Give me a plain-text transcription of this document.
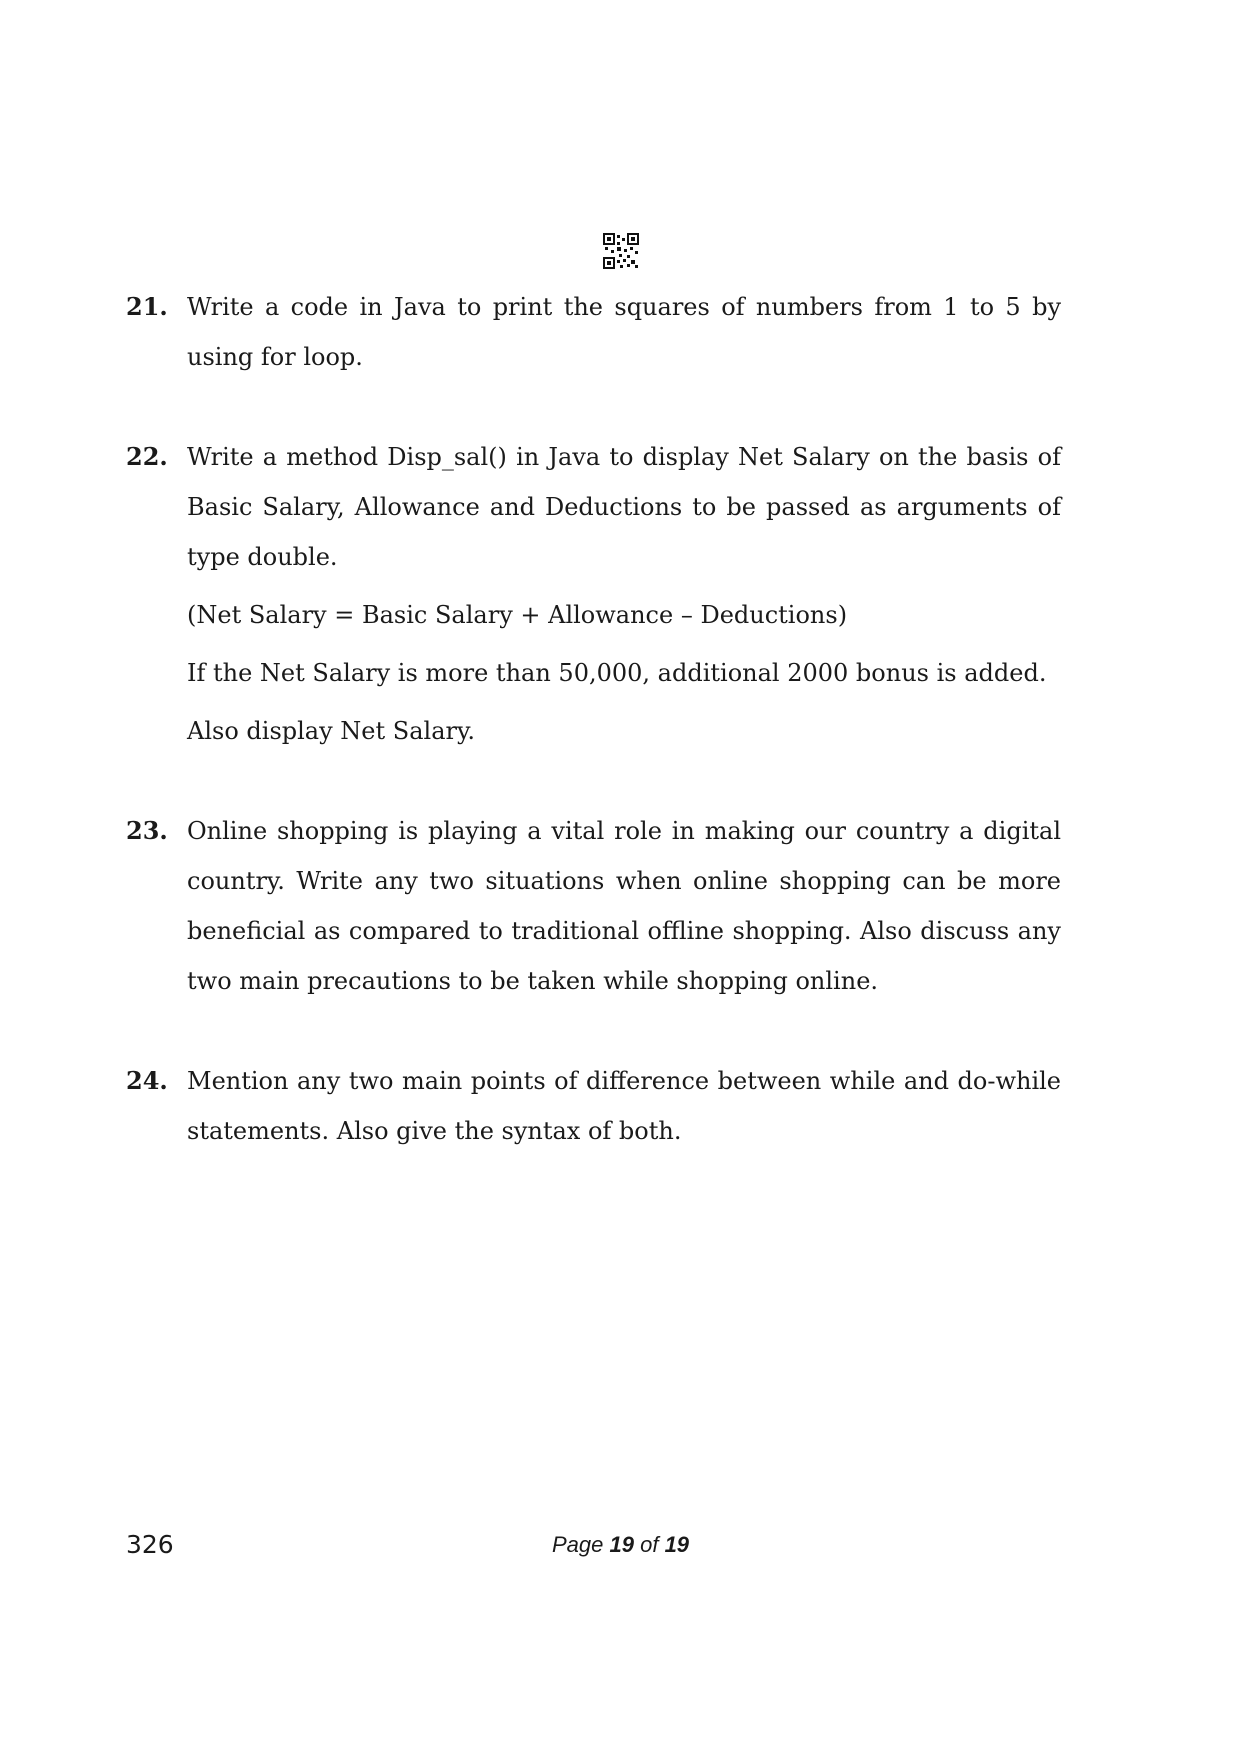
21. Write a code in Java to print the squares of numbers from 1 to 5 by using for loop.
22. Write a method Disp_sal() in Java to display Net Salary on the basis of Basic Salary, Allowance and Deductions to be passed as arguments of type double.
(Net Salary = Basic Salary + Allowance – Deductions)
If the Net Salary is more than 50,000, additional 2000 bonus is added.
Also display Net Salary.
23. Online shopping is playing a vital role in making our country a digital country. Write any two situations when online shopping can be more beneficial as compared to traditional offline shopping. Also discuss any two main precautions to be taken while shopping online.
24. Mention any two main points of difference between while and do-while statements. Also give the syntax of both.
326	Page 19 of 19
